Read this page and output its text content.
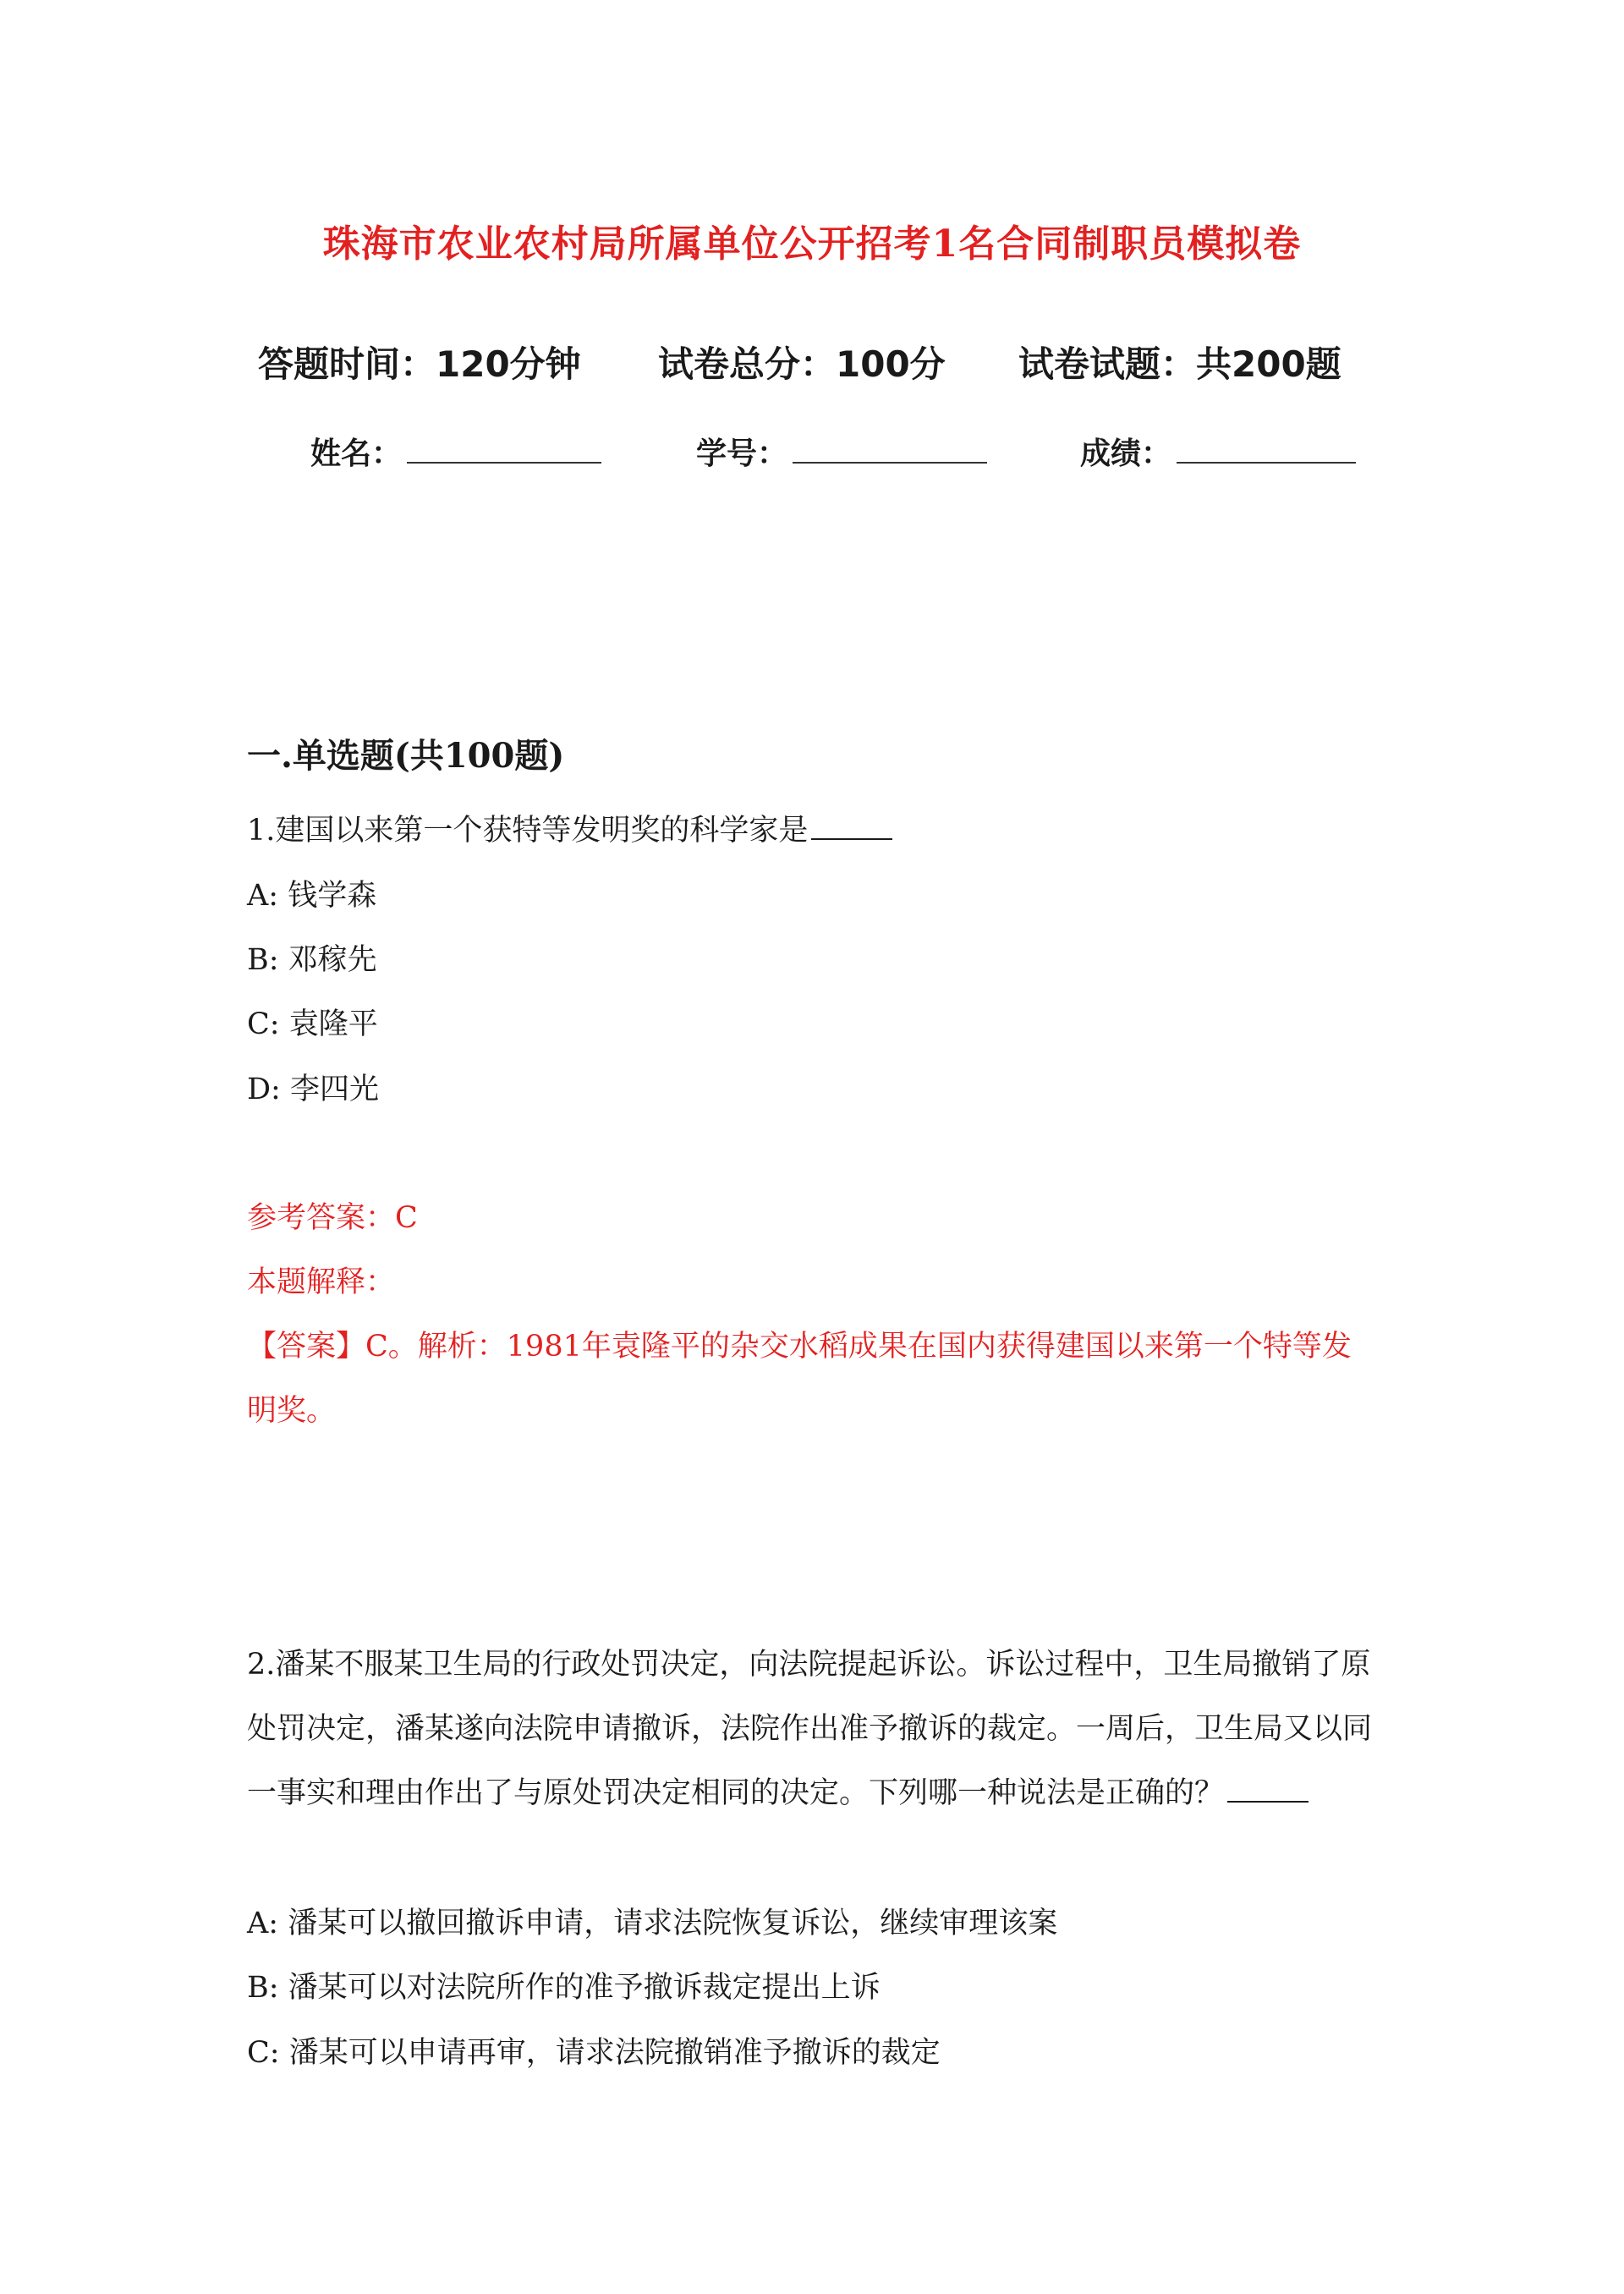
珠海市农业农村局所属单位公开招考1名合同制职员模拟卷
答题时间：120分钟 试卷总分：100分 试卷试题：共200题
姓名：	学号：	成绩：
一.单选题(共100题)
1.建国以来第一个获特等发明奖的科学家是
A: 钱学森
B: 邓稼先
C: 袁隆平
D: 李四光
参考答案：C
本题解释：
【答案】C。解析：1981年袁隆平的杂交水稻成果在国内获得建国以来第一个特等发明奖。
2.潘某不服某卫生局的行政处罚决定，向法院提起诉讼。诉讼过程中，卫生局撤销了原处罚决定，潘某遂向法院申请撤诉，法院作出准予撤诉的裁定。一周后，卫生局又以同一事实和理由作出了与原处罚决定相同的决定。下列哪一种说法是正确的？
A: 潘某可以撤回撤诉申请，请求法院恢复诉讼，继续审理该案
B: 潘某可以对法院所作的准予撤诉裁定提出上诉
C: 潘某可以申请再审，请求法院撤销准予撤诉的裁定
